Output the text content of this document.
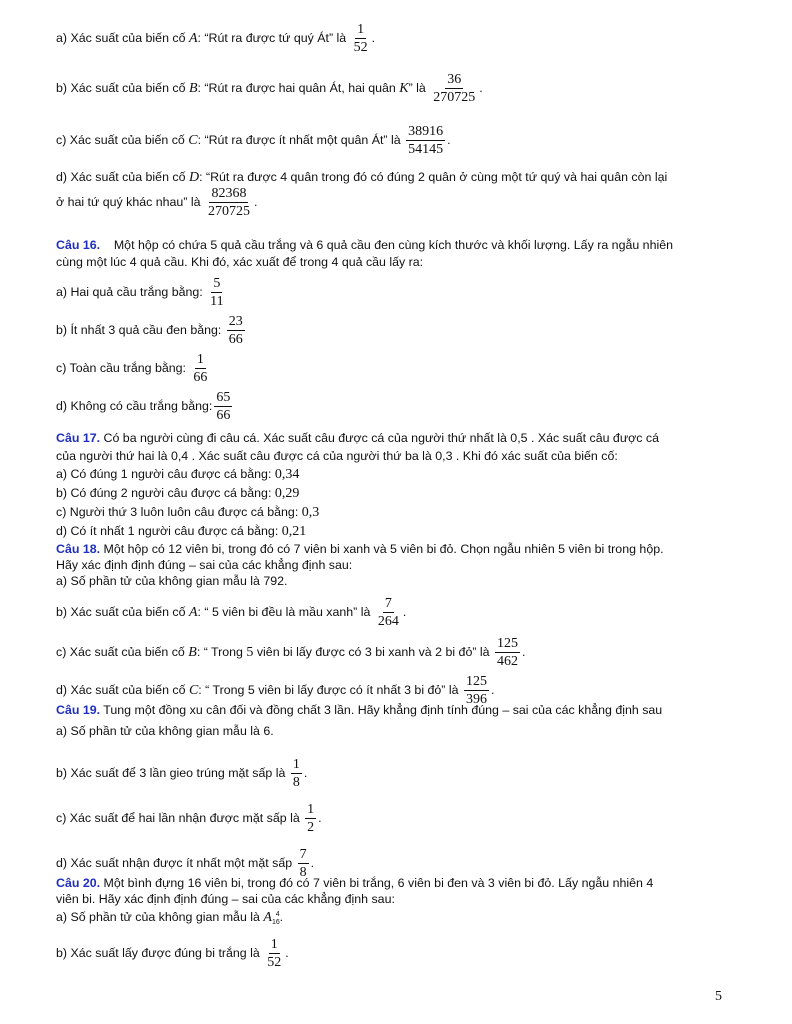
a) Xác suất của biến cố A: “Rút ra được tứ quý Át” là $\frac{1}{52}$ .
b) Xác suất của biến cố B: “Rút ra được hai quân Át, hai quân K” là $\frac{36}{270725}$ .
c) Xác suất của biến cố C: “Rút ra được ít nhất một quân Át” là $\frac{38916}{54145}$ .
d) Xác suất của biến cố D: “Rút ra được 4 quân trong đó có đúng 2 quân ở cùng một tứ quý và hai quân còn lại
ở hai tứ quý khác nhau” là $\frac{82368}{270725}$ .
Câu 16. Một hộp có chứa 5 quả cầu trắng và 6 quả cầu đen cùng kích thước và khối lượng. Lấy ra ngẫu nhiên
cùng một lúc 4 quả cầu. Khi đó, xác xuất để trong 4 quả cầu lấy ra:
a) Hai quả cầu trắng bằng: $\frac{5}{11}$
b) Ít nhất 3 quả cầu đen bằng: $\frac{23}{66}$
c) Toàn cầu trắng bằng: $\frac{1}{66}$
d) Không có cầu trắng bằng: $\frac{65}{66}$
Câu 17. Có ba người cùng đi câu cá. Xác suất câu được cá của người thứ nhất là 0,5 . Xác suất câu được cá
của người thứ hai là 0,4 . Xác suất câu được cá của người thứ ba là 0,3 . Khi đó xác suất của biến cố:
a) Có đúng 1 người câu được cá bằng: 0,34
b) Có đúng 2 người câu được cá bằng: 0,29
c) Người thứ 3 luôn luôn câu được cá bằng: 0,3
d) Có ít nhất 1 người câu được cá bằng: 0,21
Câu 18. Một hộp có 12 viên bi, trong đó có 7 viên bi xanh và 5 viên bi đỏ. Chọn ngẫu nhiên 5 viên bi trong hộp.
Hãy xác định định đúng – sai của các khẳng định sau:
a) Số phần tử của không gian mẫu là 792.
b) Xác suất của biến cố A: “ 5 viên bi đều là mầu xanh” là $\frac{7}{264}$ .
c) Xác suất của biến cố B: “ Trong 5 viên bi lấy được có 3 bi xanh và 2 bi đỏ” là $\frac{125}{462}$ .
d) Xác suất của biến cố C: “ Trong 5 viên bi lấy được có ít nhất 3 bi đỏ” là $\frac{125}{396}$ .
Câu 19. Tung một đồng xu cân đối và đồng chất 3 lần. Hãy khẳng định tính đúng – sai của các khẳng định sau
a) Số phần tử của không gian mẫu là 6.
b) Xác suất để 3 lần gieo trúng mặt sấp là $\frac{1}{8}$ .
c) Xác suất để hai lần nhận được mặt sấp là $\frac{1}{2}$ .
d) Xác suất nhận được ít nhất một mặt sấp $\frac{7}{8}$ .
Câu 20. Một bình đựng 16 viên bi, trong đó có 7 viên bi trắng, 6 viên bi đen và 3 viên bi đỏ. Lấy ngẫu nhiên 4
viên bi. Hãy xác định định đúng – sai của các khẳng định sau:
a) Số phần tử của không gian mẫu là $A_{16}^4$.
b) Xác suất lấy được đúng bi trắng là $\frac{1}{52}$ .
5
